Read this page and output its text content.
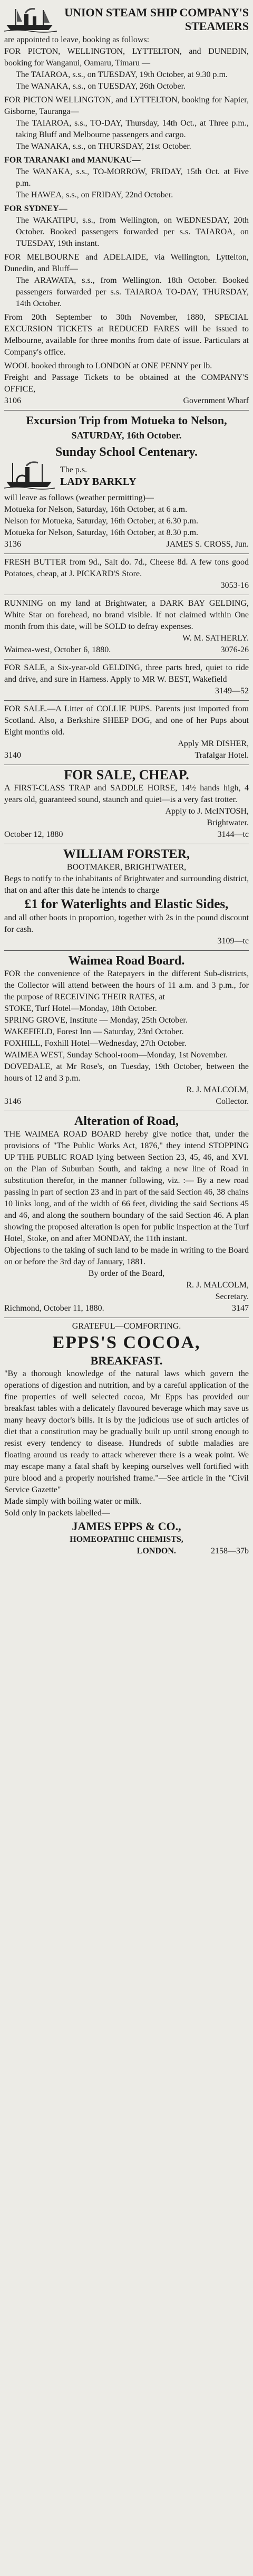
UNION STEAM SHIP COMPANY'S STEAMERS

are appointed to leave, booking as follows:

FOR PICTON, WELLINGTON, LYTTELTON, and DUNEDIN, booking for Wanganui, Oamaru, Timaru —

The TAIAROA, s.s., on TUESDAY, 19th October, at 9.30 p.m.

The WANAKA, s.s., on TUESDAY, 26th October.

FOR PICTON WELLINGTON, and LYTTELTON, booking for Napier, Gisborne, Tauranga—

The TAIAROA, s.s., TO-DAY, Thursday, 14th Oct., at Three p.m., taking Bluff and Melbourne passengers and cargo.

The WANAKA, s.s., on THURSDAY, 21st October.

FOR TARANAKI and MANUKAU—

The WANAKA, s.s., TO-MORROW, FRIDAY, 15th Oct. at Five p.m.

The HAWEA, s.s., on FRIDAY, 22nd October.

FOR SYDNEY—

The WAKATIPU, s.s., from Wellington, on WEDNESDAY, 20th October. Booked passengers forwarded per s.s. TAIAROA, on TUESDAY, 19th instant.

FOR MELBOURNE and ADELAIDE, via Wellington, Lyttelton, Dunedin, and Bluff—

The ARAWATA, s.s., from Wellington. 18th October. Booked passengers forwarded per s.s. TAIAROA TO-DAY, THURSDAY, 14th October.

From 20th September to 30th November, 1880, SPECIAL EXCURSION TICKETS at REDUCED FARES will be issued to Melbourne, available for three months from date of issue. Particulars at Company's office.

WOOL booked through to LONDON at ONE PENNY per lb.

Freight and Passage Tickets to be obtained at the COMPANY'S OFFICE,

3106	Government Wharf

Excursion Trip from Motueka to Nelson,

SATURDAY, 16th October.

Sunday School Centenary.

The p.s.

LADY BARKLY

will leave as follows (weather permitting)—

Motueka for Nelson, Saturday, 16th October, at 6 a.m.

Nelson for Motueka, Saturday, 16th October, at 6.30 p.m.

Motueka for Nelson, Saturday, 16th October, at 8.30 p.m.

3136	JAMES S. CROSS, Jun.

FRESH BUTTER from 9d., Salt do. 7d., Cheese 8d. A few tons good Potatoes, cheap, at J. PICKARD'S Store.

3053-16

RUNNING on my land at Brightwater, a DARK BAY GELDING, White Star on forehead, no brand visible. If not claimed within One month from this date, will be SOLD to defray expenses.

W. M. SATHERLY.

Waimea-west, October 6, 1880.	3076-26

FOR SALE, a Six-year-old GELDING, three parts bred, quiet to ride and drive, and sure in Harness. Apply to MR W. BEST, Wakefield

3149—52

FOR SALE.—A Litter of COLLIE PUPS. Parents just imported from Scotland. Also, a Berkshire SHEEP DOG, and one of her Pups about Eight months old.

Apply MR DISHER,

3140	Trafalgar Hotel.

FOR SALE, CHEAP.

A FIRST-CLASS TRAP and SADDLE HORSE, 14½ hands high, 4 years old, guaranteed sound, staunch and quiet—is a very fast trotter.

Apply to J. McINTOSH,

Brightwater.

October 12, 1880	3144—tc

WILLIAM FORSTER,

BOOTMAKER, BRIGHTWATER,

Begs to notify to the inhabitants of Brightwater and surrounding district, that on and after this date he intends to charge

£1 for Waterlights and Elastic Sides,

and all other boots in proportion, together with 2s in the pound discount for cash.

3109—tc

Waimea Road Board.

FOR the convenience of the Ratepayers in the different Sub-districts, the Collector will attend between the hours of 11 a.m. and 3 p.m., for the purpose of RECEIVING THEIR RATES, at

STOKE, Turf Hotel—Monday, 18th October.

SPRING GROVE, Institute — Monday, 25th October.

WAKEFIELD, Forest Inn — Saturday, 23rd October.

FOXHILL, Foxhill Hotel—Wednesday, 27th October.

WAIMEA WEST, Sunday School-room—Monday, 1st November.

DOVEDALE, at Mr Rose's, on Tuesday, 19th October, between the hours of 12 and 3 p.m.

R. J. MALCOLM,

3146	Collector.

Alteration of Road,

THE WAIMEA ROAD BOARD hereby give notice that, under the provisions of "The Public Works Act, 1876," they intend STOPPING UP THE PUBLIC ROAD lying between Section 23, 45, 46, and XVI. on the Plan of Suburban South, and taking a new line of Road in substitution therefor, in the manner following, viz. :— By a new road passing in part of section 23 and in part of the said Section 46, 38 chains 10 links long, and of the width of 66 feet, dividing the said Sections 45 and 46, and along the southern boundary of the said Section 46. A plan showing the proposed alteration is open for public inspection at the Turf Hotel, Stoke, on and after MONDAY, the 11th instant.

Objections to the taking of such land to be made in writing to the Board on or before the 3rd day of January, 1881.

By order of the Board,

R. J. MALCOLM,

Secretary.

Richmond, October 11, 1880.	3147

GRATEFUL—COMFORTING.

EPPS'S COCOA,

BREAKFAST.

"By a thorough knowledge of the natural laws which govern the operations of digestion and nutrition, and by a careful application of the fine properties of well selected cocoa, Mr Epps has provided our breakfast tables with a delicately flavoured beverage which may save us many heavy doctor's bills. It is by the judicious use of such articles of diet that a constitution may be gradually built up until strong enough to resist every tendency to disease. Hundreds of subtle maladies are floating around us ready to attack wherever there is a weak point. We may escape many a fatal shaft by keeping ourselves well fortified with pure blood and a properly nourished frame."—See article in the "Civil Service Gazette"

Made simply with boiling water or milk.

Sold only in packets labelled—

JAMES EPPS & CO.,

HOMEOPATHIC CHEMISTS,

LONDON.	2158—37b
